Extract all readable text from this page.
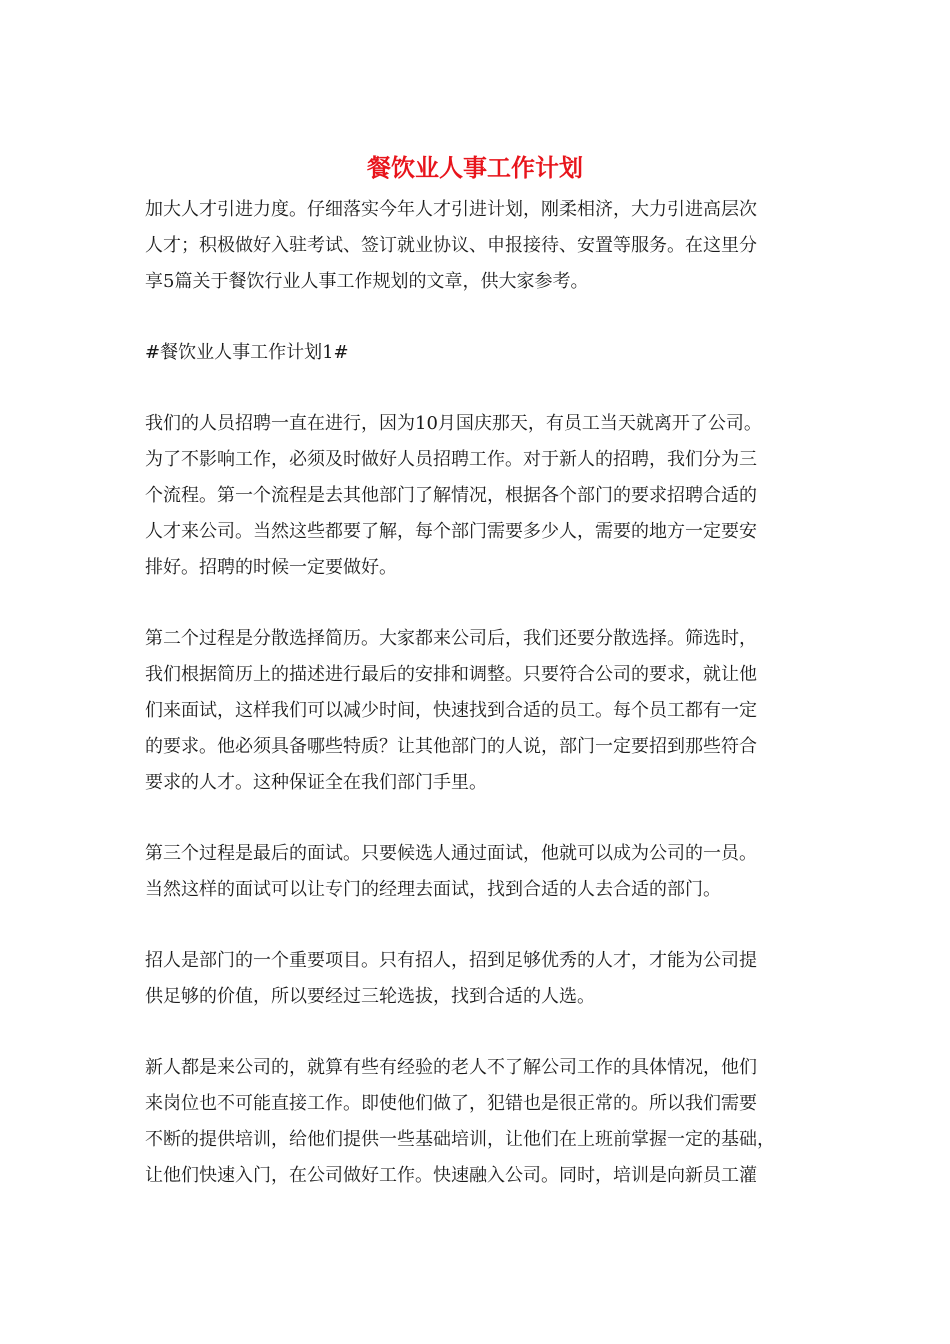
餐饮业人事工作计划

加大人才引进力度。仔细落实今年人才引进计划，刚柔相济，大力引进高层次
人才；积极做好入驻考试、签订就业协议、申报接待、安置等服务。在这里分
享5篇关于餐饮行业人事工作规划的文章，供大家参考。

#餐饮业人事工作计划1#

我们的人员招聘一直在进行，因为10月国庆那天，有员工当天就离开了公司。
为了不影响工作，必须及时做好人员招聘工作。对于新人的招聘，我们分为三
个流程。第一个流程是去其他部门了解情况，根据各个部门的要求招聘合适的
人才来公司。当然这些都要了解，每个部门需要多少人，需要的地方一定要安
排好。招聘的时候一定要做好。

第二个过程是分散选择简历。大家都来公司后，我们还要分散选择。筛选时，
我们根据简历上的描述进行最后的安排和调整。只要符合公司的要求，就让他
们来面试，这样我们可以减少时间，快速找到合适的员工。每个员工都有一定
的要求。他必须具备哪些特质？让其他部门的人说，部门一定要招到那些符合
要求的人才。这种保证全在我们部门手里。

第三个过程是最后的面试。只要候选人通过面试，他就可以成为公司的一员。
当然这样的面试可以让专门的经理去面试，找到合适的人去合适的部门。

招人是部门的一个重要项目。只有招人，招到足够优秀的人才，才能为公司提
供足够的价值，所以要经过三轮选拔，找到合适的人选。

新人都是来公司的，就算有些有经验的老人不了解公司工作的具体情况，他们
来岗位也不可能直接工作。即使他们做了，犯错也是很正常的。所以我们需要
不断的提供培训，给他们提供一些基础培训，让他们在上班前掌握一定的基础，
让他们快速入门，在公司做好工作。快速融入公司。同时，培训是向新员工灌
